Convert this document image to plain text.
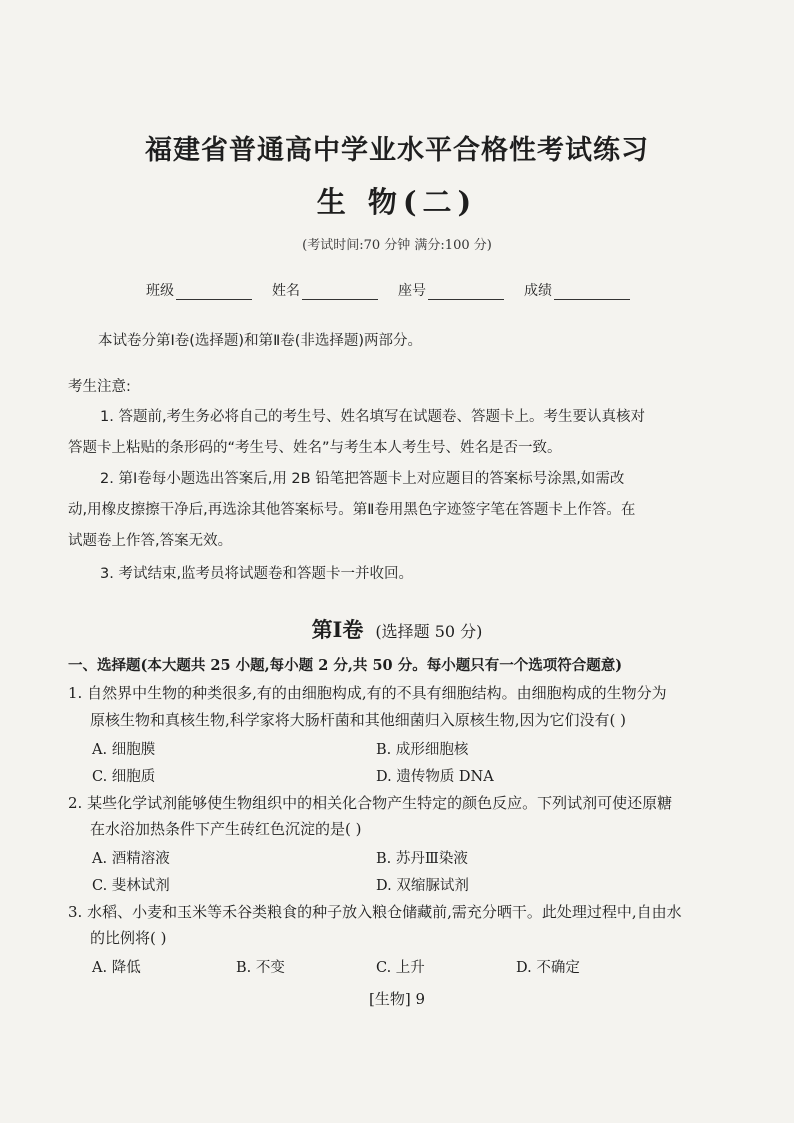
福建省普通高中学业水平合格性考试练习
生 物(二)
(考试时间:70 分钟 满分:100 分)
班级	姓名	座号	成绩
本试卷分第Ⅰ卷(选择题)和第Ⅱ卷(非选择题)两部分。
考生注意:
1. 答题前,考生务必将自己的考生号、姓名填写在试题卷、答题卡上。考生要认真核对
答题卡上粘贴的条形码的“考生号、姓名”与考生本人考生号、姓名是否一致。
2. 第Ⅰ卷每小题选出答案后,用 2B 铅笔把答题卡上对应题目的答案标号涂黑,如需改
动,用橡皮擦擦干净后,再选涂其他答案标号。第Ⅱ卷用黑色字迹签字笔在答题卡上作答。在
试题卷上作答,答案无效。
3. 考试结束,监考员将试题卷和答题卡一并收回。
第Ⅰ卷 (选择题 50 分)
一、选择题(本大题共 25 小题,每小题 2 分,共 50 分。每小题只有一个选项符合题意)
1. 自然界中生物的种类很多,有的由细胞构成,有的不具有细胞结构。由细胞构成的生物分为
原核生物和真核生物,科学家将大肠杆菌和其他细菌归入原核生物,因为它们没有( )
A. 细胞膜	B. 成形细胞核
C. 细胞质	D. 遗传物质 DNA
2. 某些化学试剂能够使生物组织中的相关化合物产生特定的颜色反应。下列试剂可使还原糖
在水浴加热条件下产生砖红色沉淀的是( )
A. 酒精溶液	B. 苏丹Ⅲ染液
C. 斐林试剂	D. 双缩脲试剂
3. 水稻、小麦和玉米等禾谷类粮食的种子放入粮仓储藏前,需充分晒干。此处理过程中,自由水
的比例将( )
A. 降低	B. 不变	C. 上升	D. 不确定
[生物] 9
